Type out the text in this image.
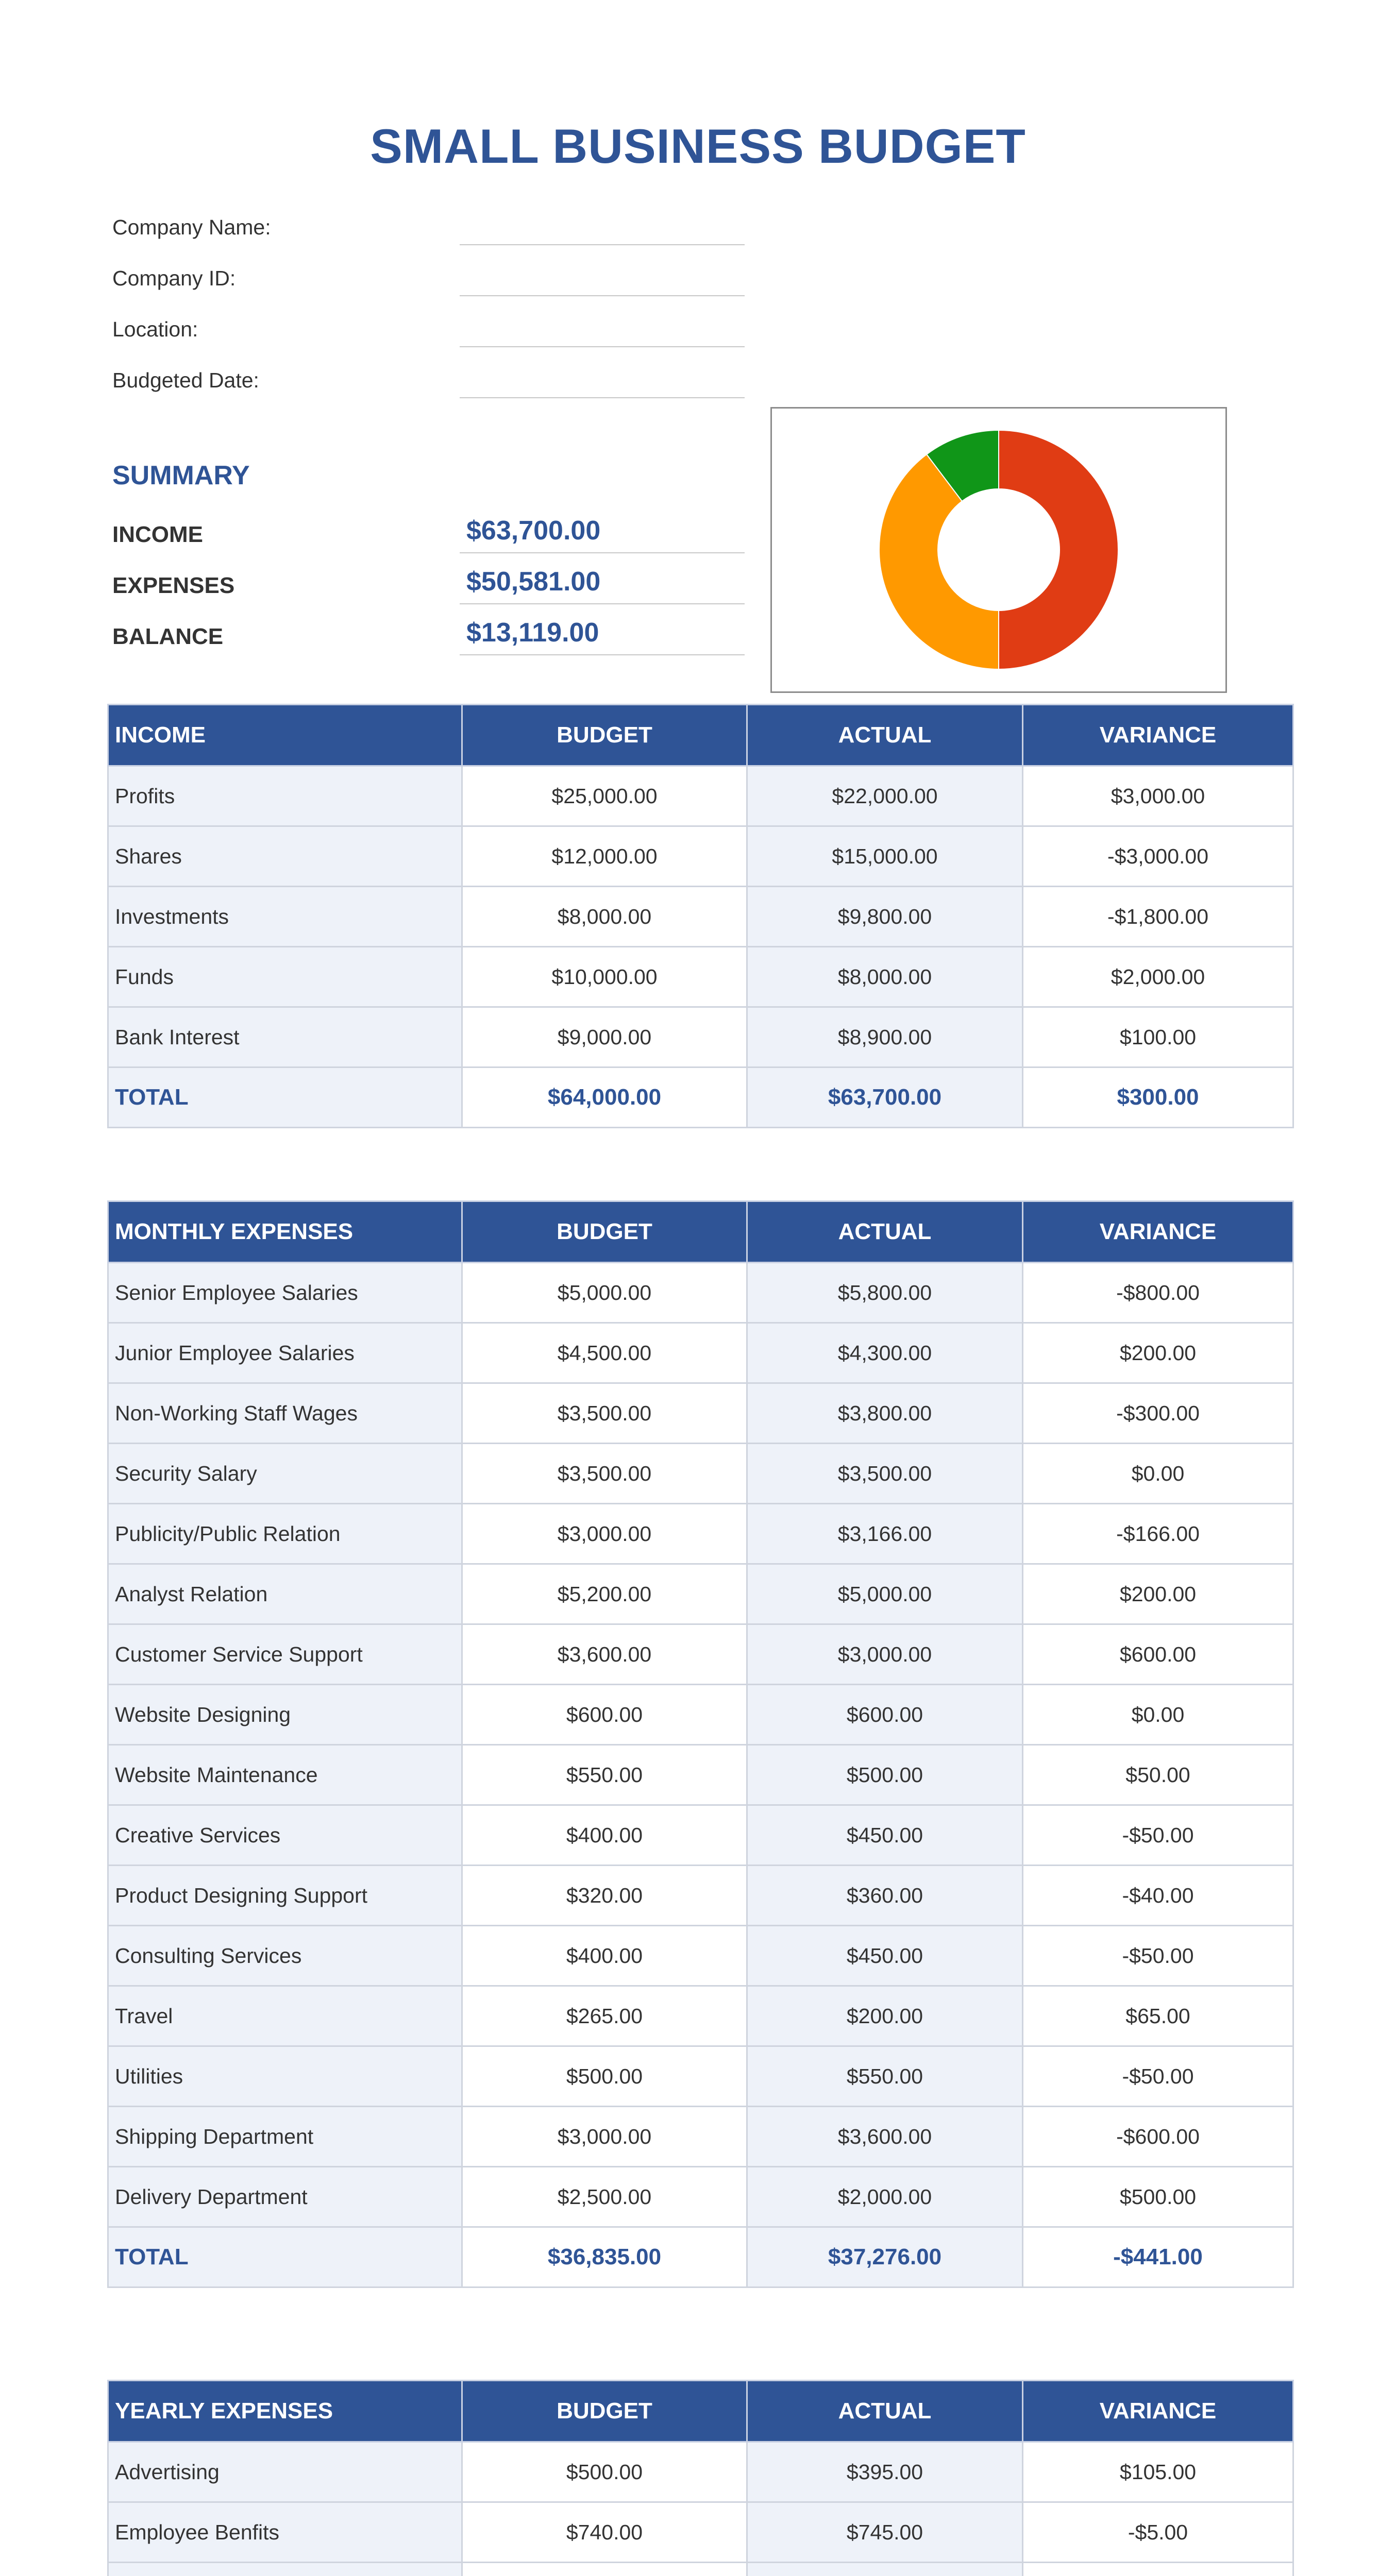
SMALL BUSINESS BUDGET
Company Name:
Company ID:
Location:
Budgeted Date:
SUMMARY
INCOME	$63,700.00
EXPENSES	$50,581.00
BALANCE	$13,119.00
INCOME	BUDGET	ACTUAL	VARIANCE
Profits	$25,000.00	$22,000.00	$3,000.00
Shares	$12,000.00	$15,000.00	-$3,000.00
Investments	$8,000.00	$9,800.00	-$1,800.00
Funds	$10,000.00	$8,000.00	$2,000.00
Bank Interest	$9,000.00	$8,900.00	$100.00
TOTAL	$64,000.00	$63,700.00	$300.00
MONTHLY EXPENSES	BUDGET	ACTUAL	VARIANCE
Senior Employee Salaries	$5,000.00	$5,800.00	-$800.00
Junior Employee Salaries	$4,500.00	$4,300.00	$200.00
Non-Working Staff Wages	$3,500.00	$3,800.00	-$300.00
Security Salary	$3,500.00	$3,500.00	$0.00
Publicity/Public Relation	$3,000.00	$3,166.00	-$166.00
Analyst Relation	$5,200.00	$5,000.00	$200.00
Customer Service Support	$3,600.00	$3,000.00	$600.00
Website Designing	$600.00	$600.00	$0.00
Website Maintenance	$550.00	$500.00	$50.00
Creative Services	$400.00	$450.00	-$50.00
Product Designing Support	$320.00	$360.00	-$40.00
Consulting Services	$400.00	$450.00	-$50.00
Travel	$265.00	$200.00	$65.00
Utilities	$500.00	$550.00	-$50.00
Shipping Department	$3,000.00	$3,600.00	-$600.00
Delivery Department	$2,500.00	$2,000.00	$500.00
TOTAL	$36,835.00	$37,276.00	-$441.00
YEARLY EXPENSES	BUDGET	ACTUAL	VARIANCE
Advertising	$500.00	$395.00	$105.00
Employee Benfits	$740.00	$745.00	-$5.00
